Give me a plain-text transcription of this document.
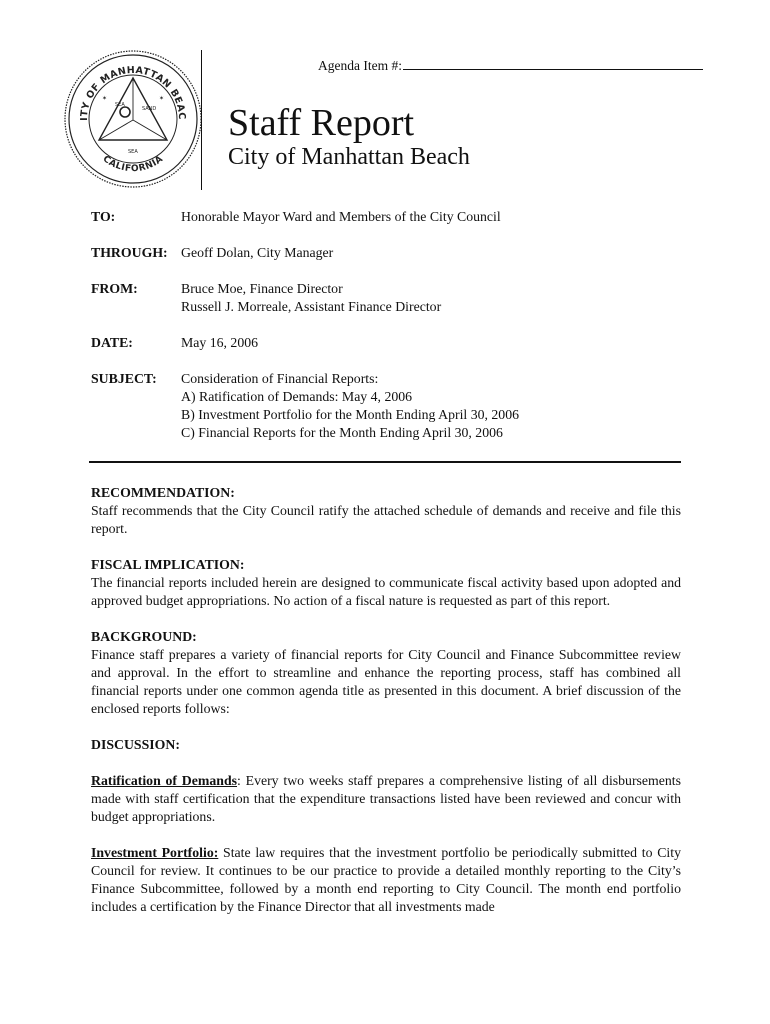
ITY OF MANHATTAN BEAC
CALIFORNIA
SEA
SAND
SEA
✶	✶
Agenda Item #:
Staff Report
City of Manhattan Beach
TO:	Honorable Mayor Ward and Members of the City Council
THROUGH: Geoff Dolan, City Manager
FROM:	Bruce Moe, Finance Director
Russell J. Morreale, Assistant Finance Director
DATE:	May 16, 2006
SUBJECT:	Consideration of Financial Reports:
A) Ratification of Demands: May 4, 2006
B) Investment Portfolio for the Month Ending April 30, 2006
C) Financial Reports for the Month Ending April 30, 2006
RECOMMENDATION:
Staff recommends that the City Council ratify the attached schedule of demands and receive and file this report.
FISCAL IMPLICATION:
The financial reports included herein are designed to communicate fiscal activity based upon adopted and approved budget appropriations. No action of a fiscal nature is requested as part of this report.
BACKGROUND:
Finance staff prepares a variety of financial reports for City Council and Finance Subcommittee review and approval. In the effort to streamline and enhance the reporting process, staff has combined all financial reports under one common agenda title as presented in this document. A brief discussion of the enclosed reports follows:
DISCUSSION:
Ratification of Demands: Every two weeks staff prepares a comprehensive listing of all disbursements made with staff certification that the expenditure transactions listed have been reviewed and concur with budget appropriations.
Investment Portfolio: State law requires that the investment portfolio be periodically submitted to City Council for review. It continues to be our practice to provide a detailed monthly reporting to the City’s Finance Subcommittee, followed by a month end reporting to City Council. The month end portfolio includes a certification by the Finance Director that all investments made
